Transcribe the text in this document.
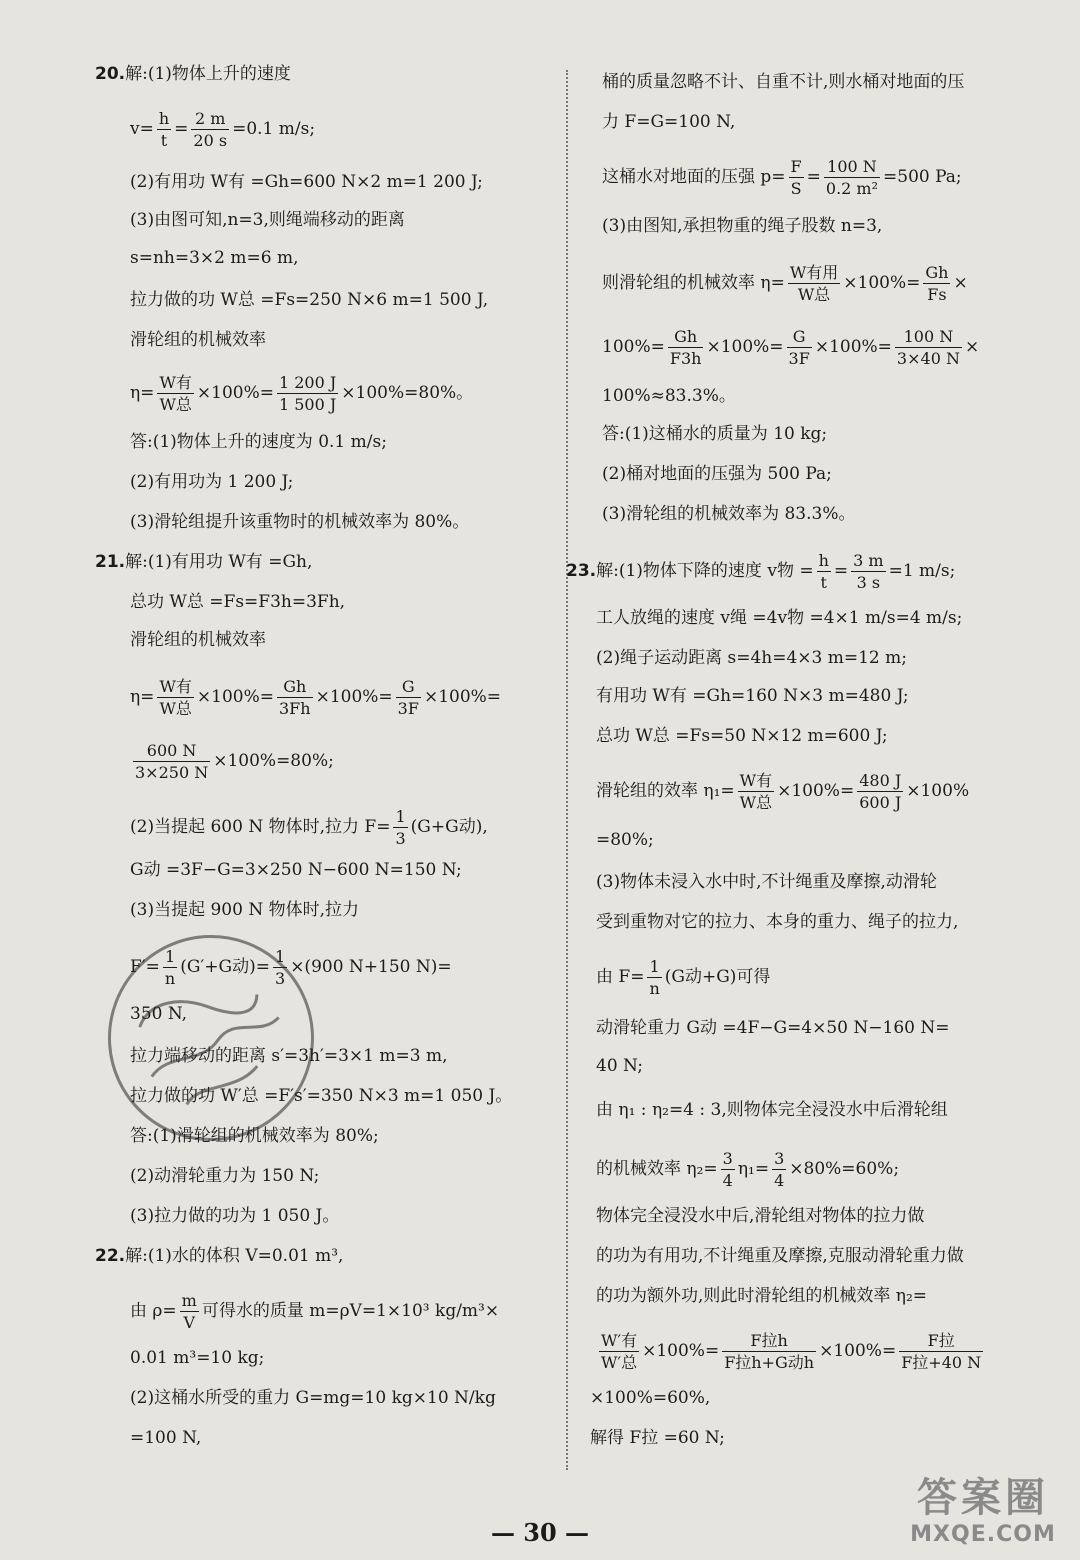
20.解:(1)物体上升的速度
$v= \frac{h}{t} = \frac{2 m}{20 s} =0.1$ m/s;
(2)有用功 W有 =Gh=600 N×2 m=1 200 J;
(3)由图可知,n=3,则绳端移动的距离
s=nh=3×2 m=6 m,
拉力做的功 W总 =Fs=250 N×6 m=1 500 J,
滑轮组的机械效率
η=
W有
W总
$\times 100\%= \frac{1 200 J}{1 500 J} \times 100\%=80\%$。
答:(1)物体上升的速度为 0.1 m/s;
(2)有用功为 1 200 J;
(3)滑轮组提升该重物时的机械效率为 80%。
21.解:(1)有用功 W有 =Gh,
总功 W总 =Fs=F3h=3Fh,
滑轮组的机械效率
η=
W有
W总
$\times 100\%= \frac{Gh}{3Fh} \times 100\%= \frac{G}{3F} \times 100\%=$
$\frac{600 N}{3\times 250 N} \times 100\%=80\%$;
(2)当提起 600 N 物体时,拉力 $F= \frac{1}{3} (G+G$动),
G动 =3F−G=3×250 N−600 N=150 N;
(3)当提起 900 N 物体时,拉力
$F'= \frac{1}{n} (G'+G$动)= $\frac{1}{3} \times(900$ N+150 N)=
350 N,
拉力端移动的距离 s′=3h′=3×1 m=3 m,
拉力做的功 W′总 =F′s′=350 N×3 m=1 050 J。
答:(1)滑轮组的机械效率为 80%;
(2)动滑轮重力为 150 N;
(3)拉力做的功为 1 050 J。
22.解:(1)水的体积 V=0.01 m³,
由 $\rho= \frac{m}{V}$ 可得水的质量 m=ρV=1×10³ kg/m³×
0.01 m³=10 kg;
(2)这桶水所受的重力 G=mg=10 kg×10 N/kg
=100 N,
桶的质量忽略不计、自重不计,则水桶对地面的压
力 F=G=100 N,
这桶水对地面的压强 $p= \frac{F}{S} = \frac{100 N}{\text{0.2 m²}} =500$ Pa;
(3)由图知,承担物重的绳子股数 n=3,
则滑轮组的机械效率 η=
W有用
W总
$\times 100\%= \frac{Gh}{Fs}$ ×
$100\%= \frac{Gh}{F3h} \times 100\%= \frac{G}{3F} \times 100\%= \frac{100 N}{3\times 40 N}$ ×
100%≈83.3%。
答:(1)这桶水的质量为 10 kg;
(2)桶对地面的压强为 500 Pa;
(3)滑轮组的机械效率为 83.3%。
23.解:(1)物体下降的速度 v物 = $\frac{h}{t} = \frac{3 m}{3 s} =1$ m/s;
工人放绳的速度 v绳 =4v物 =4×1 m/s=4 m/s;
(2)绳子运动距离 s=4h=4×3 m=12 m;
有用功 W有 =Gh=160 N×3 m=480 J;
总功 W总 =Fs=50 N×12 m=600 J;
滑轮组的效率 η₁=
W有
W总
$\times 100\%= \frac{480 J}{600 J} \times 100\%$
=80%;
(3)物体未浸入水中时,不计绳重及摩擦,动滑轮
受到重物对它的拉力、本身的重力、绳子的拉力,
由 $F= \frac{1}{n} (G$动+G)可得
动滑轮重力 G动 =4F−G=4×50 N−160 N=
40 N;
由 η₁ : η₂=4 : 3,则物体完全浸没水中后滑轮组
的机械效率 $\eta_2= \frac{3}{4} \eta_1= \frac{3}{4} \times 80\%=60\%$;
物体完全浸没水中后,滑轮组对物体的拉力做
的功为有用功,不计绳重及摩擦,克服动滑轮重力做
的功为额外功,则此时滑轮组的机械效率 η₂=
W′有
W′总
×100%=
F拉h
F拉h+G动h
×100%=
F拉
F拉+40 N
×100%=60%,
解得 F拉 =60 N;
— 30 —
答案圈
MXQE.COM
